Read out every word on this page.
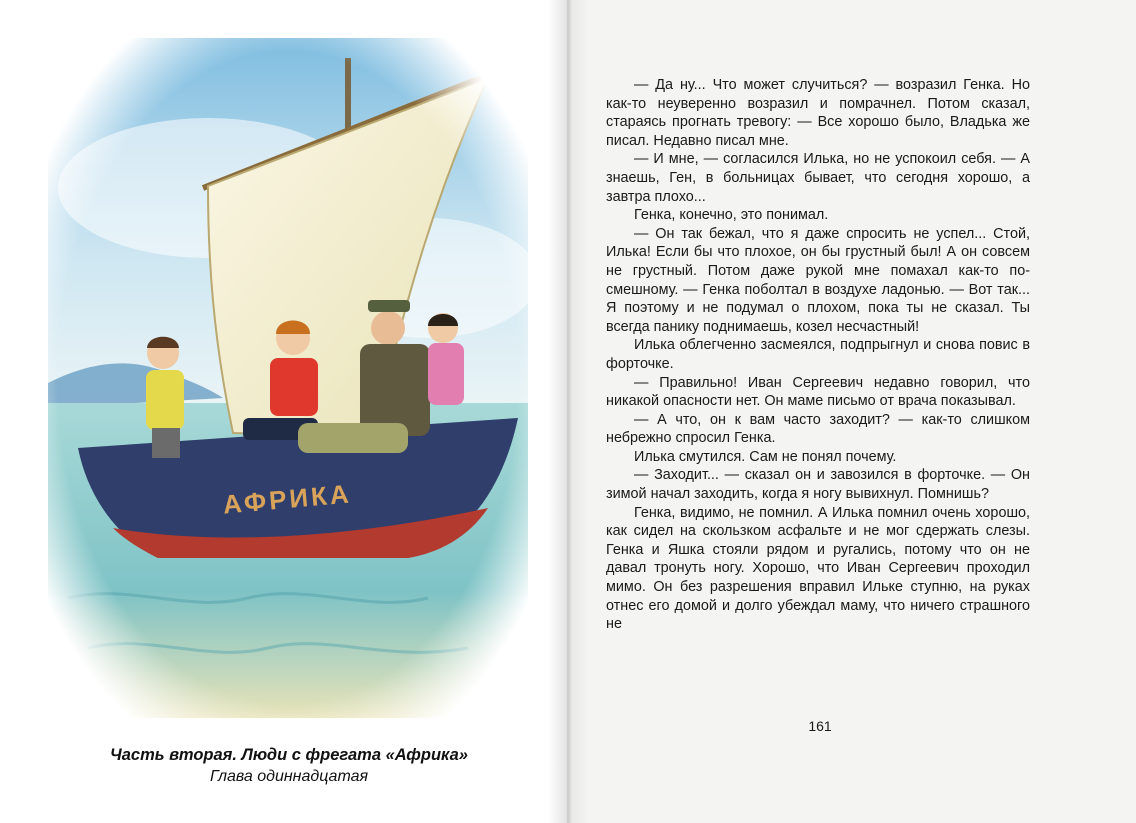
Часть вторая. Люди с фрегата «Африка»
Глава одиннадцатая

— Да ну... Что может случиться? — возразил Генка. Но как-то неуверенно возразил и помрачнел. Потом сказал, стараясь прогнать тревогу: — Все хорошо было, Владька же писал. Недавно писал мне.

— И мне, — согласился Илька, но не успокоил себя. — А знаешь, Ген, в больницах бывает, что сегодня хорошо, а завтра плохо...

Генка, конечно, это понимал.

— Он так бежал, что я даже спросить не успел... Стой, Илька! Если бы что плохое, он бы грустный был! А он совсем не грустный. Потом даже рукой мне помахал как-то по-смешному. — Генка поболтал в воздухе ладонью. — Вот так... Я поэтому и не подумал о плохом, пока ты не сказал. Ты всегда панику поднимаешь, козел несчастный!

Илька облегченно засмеялся, подпрыгнул и снова повис в форточке.

— Правильно! Иван Сергеевич недавно говорил, что никакой опасности нет. Он маме письмо от врача показывал.

— А что, он к вам часто заходит? — как-то слишком небрежно спросил Генка.

Илька смутился. Сам не понял почему.

— Заходит... — сказал он и завозился в форточке. — Он зимой начал заходить, когда я ногу вывихнул. Помнишь?

Генка, видимо, не помнил. А Илька помнил очень хорошо, как сидел на скользком асфальте и не мог сдержать слезы. Генка и Яшка стояли рядом и ругались, потому что он не давал тронуть ногу. Хорошо, что Иван Сергеевич проходил мимо. Он без разрешения вправил Ильке ступню, на руках отнес его домой и долго убеждал маму, что ничего страшного не

161
